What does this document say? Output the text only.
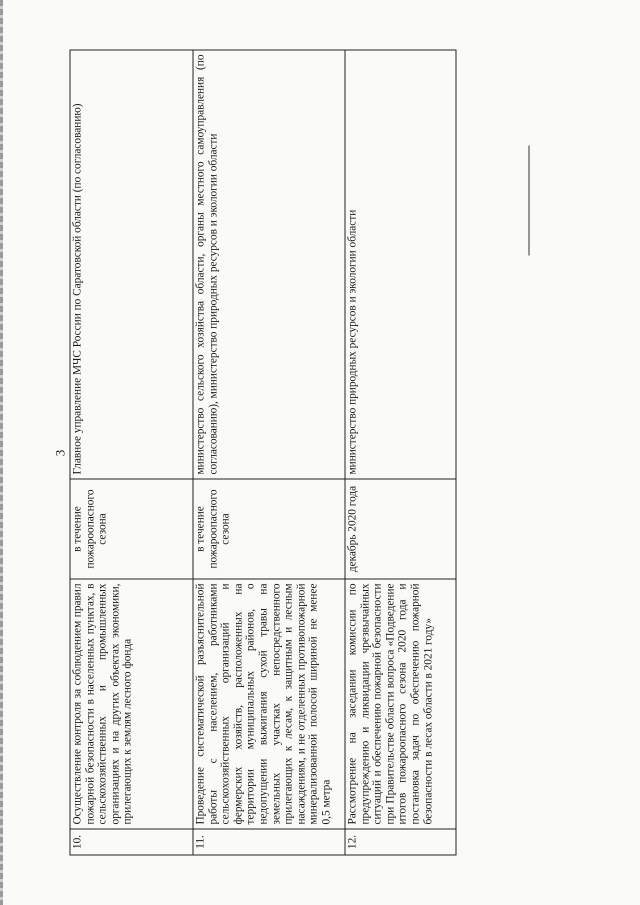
3
10.	Осуществление контроля за соблюдением правил пожарной безопасности в населенных пунктах, в сельскохозяйственных и промышленных организациях и на других объектах экономики, прилегающих к землям лесного фонда	в течение пожароопасного сезона	Главное управление МЧС России по Саратовской области (по согласованию)
11.	Проведение систематической разъяснительной работы с населением, работниками сельскохозяйственных организаций и фермерских хозяйств, расположенных на территории муниципальных районов, о недопущении выжигания сухой травы на земельных участках непосредственного прилегающих к лесам, к защитным и лесным насаждениям, и не отделенных противопожарной минерализованной полосой шириной не менее 0,5 метра	в течение пожароопасного сезона	министерство сельского хозяйства области, органы местного самоуправления (по согласованию), министерство природных ресурсов и экологии области
12.	Рассмотрение на заседании комиссии по предупреждению и ликвидации чрезвычайных ситуаций и обеспечению пожарной безопасности при Правительстве области вопроса «Подведение итогов пожароопасного сезона 2020 года и постановка задач по обеспечению пожарной безопасности в лесах области в 2021 году»	декабрь 2020 года	министерство природных ресурсов и экологии области
